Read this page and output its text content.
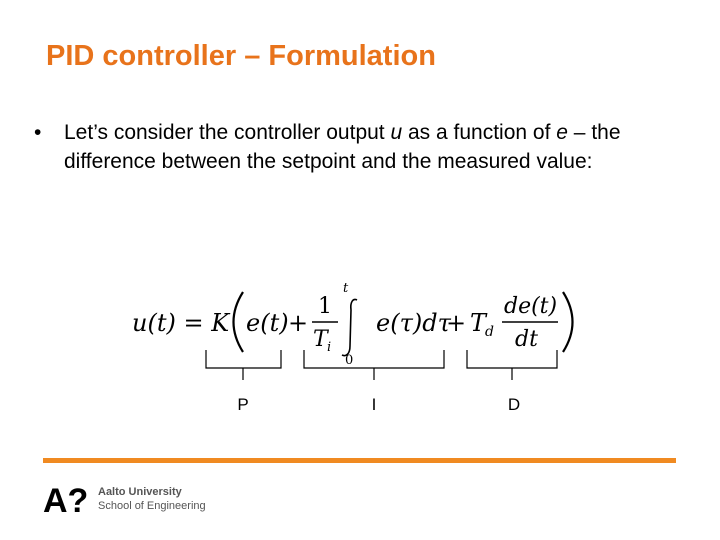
PID controller – Formulation
• Let’s consider the controller output u as a function of e – the difference between the setpoint and the measured value:
u(t) = K e(t) +
1
T i
t
0
e(τ)dτ
+ T
d
de(t)
dt
P	I	D
A? Aalto University
School of Engineering
